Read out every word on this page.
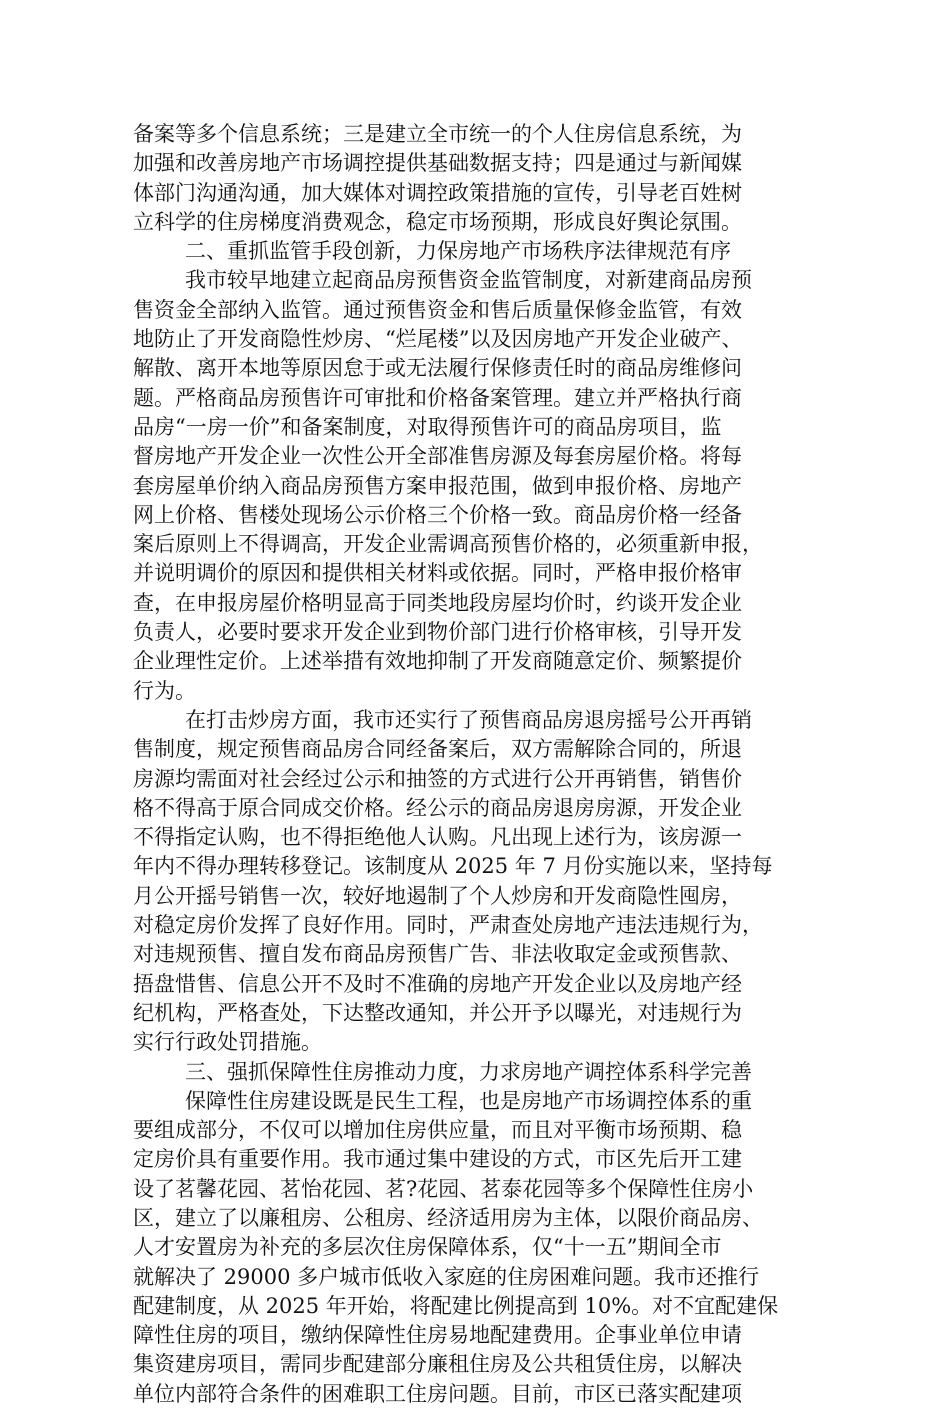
备案等多个信息系统；三是建立全市统一的个人住房信息系统，为
加强和改善房地产市场调控提供基础数据支持；四是通过与新闻媒
体部门沟通沟通，加大媒体对调控政策措施的宣传，引导老百姓树
立科学的住房梯度消费观念，稳定市场预期，形成良好舆论氛围。
二、重抓监管手段创新，力保房地产市场秩序法律规范有序
我市较早地建立起商品房预售资金监管制度，对新建商品房预
售资金全部纳入监管。通过预售资金和售后质量保修金监管，有效
地防止了开发商隐性炒房、“烂尾楼”以及因房地产开发企业破产、
解散、离开本地等原因怠于或无法履行保修责任时的商品房维修问
题。严格商品房预售许可审批和价格备案管理。建立并严格执行商
品房“一房一价”和备案制度，对取得预售许可的商品房项目，监
督房地产开发企业一次性公开全部准售房源及每套房屋价格。将每
套房屋单价纳入商品房预售方案申报范围，做到申报价格、房地产
网上价格、售楼处现场公示价格三个价格一致。商品房价格一经备
案后原则上不得调高，开发企业需调高预售价格的，必须重新申报，
并说明调价的原因和提供相关材料或依据。同时，严格申报价格审
查，在申报房屋价格明显高于同类地段房屋均价时，约谈开发企业
负责人，必要时要求开发企业到物价部门进行价格审核，引导开发
企业理性定价。上述举措有效地抑制了开发商随意定价、频繁提价
行为。
在打击炒房方面，我市还实行了预售商品房退房摇号公开再销
售制度，规定预售商品房合同经备案后，双方需解除合同的，所退
房源均需面对社会经过公示和抽签的方式进行公开再销售，销售价
格不得高于原合同成交价格。经公示的商品房退房房源，开发企业
不得指定认购，也不得拒绝他人认购。凡出现上述行为，该房源一
年内不得办理转移登记。该制度从 2025 年 7 月份实施以来，坚持每
月公开摇号销售一次，较好地遏制了个人炒房和开发商隐性囤房，
对稳定房价发挥了良好作用。同时，严肃查处房地产违法违规行为，
对违规预售、擅自发布商品房预售广告、非法收取定金或预售款、
捂盘惜售、信息公开不及时不准确的房地产开发企业以及房地产经
纪机构，严格查处，下达整改通知，并公开予以曝光，对违规行为
实行行政处罚措施。
三、强抓保障性住房推动力度，力求房地产调控体系科学完善
保障性住房建设既是民生工程，也是房地产市场调控体系的重
要组成部分，不仅可以增加住房供应量，而且对平衡市场预期、稳
定房价具有重要作用。我市通过集中建设的方式，市区先后开工建
设了茗馨花园、茗怡花园、茗?花园、茗泰花园等多个保障性住房小
区，建立了以廉租房、公租房、经济适用房为主体，以限价商品房、
人才安置房为补充的多层次住房保障体系，仅“十一五”期间全市
就解决了 29000 多户城市低收入家庭的住房困难问题。我市还推行
配建制度，从 2025 年开始，将配建比例提高到 10%。对不宜配建保
障性住房的项目，缴纳保障性住房易地配建费用。企事业单位申请
集资建房项目，需同步配建部分廉租住房及公共租赁住房，以解决
单位内部符合条件的困难职工住房问题。目前，市区已落实配建项
